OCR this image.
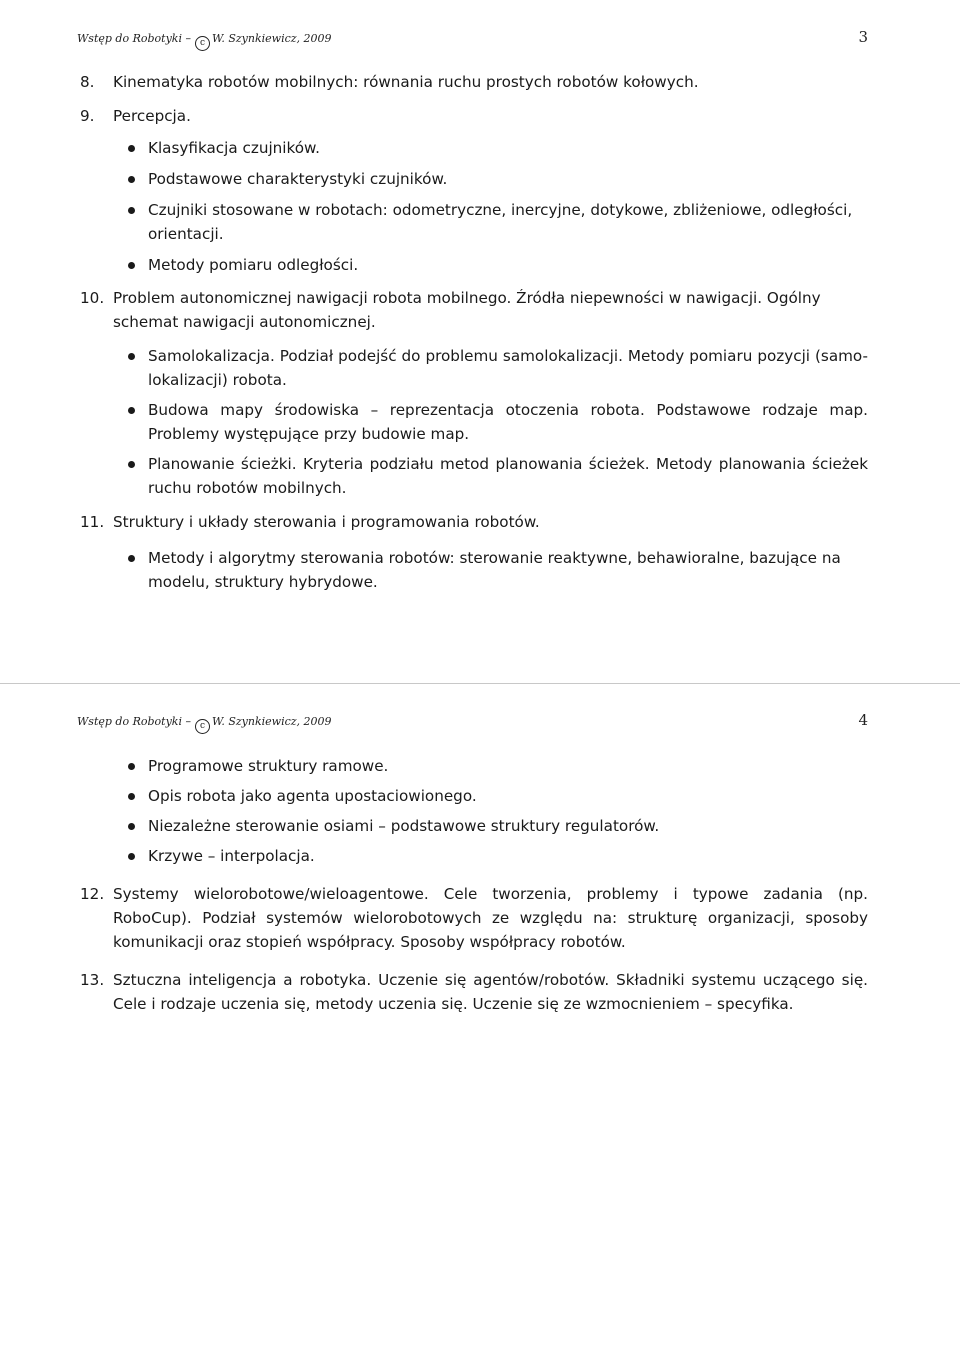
Wstęp do Robotyki – c W. Szynkiewicz, 2009	3
8. Kinematyka robotów mobilnych: równania ruchu prostych robotów kołowych.
9. Percepcja.
Klasyfikacja czujników.
Podstawowe charakterystyki czujników.
Czujniki stosowane w robotach: odometryczne, inercyjne, dotykowe, zbliżeniowe, odległości, orientacji.
Metody pomiaru odległości.
10. Problem autonomicznej nawigacji robota mobilnego. Źródła niepewności w nawigacji. Ogólny schemat nawigacji autonomicznej.
Samolokalizacja. Podział podejść do problemu samolokalizacji. Metody pomiaru pozycji (samo-lokalizacji) robota.
Budowa mapy środowiska – reprezentacja otoczenia robota. Podstawowe rodzaje map. Problemy występujące przy budowie map.
Planowanie ścieżki. Kryteria podziału metod planowania ścieżek. Metody planowania ścieżek ruchu robotów mobilnych.
11. Struktury i układy sterowania i programowania robotów.
Metody i algorytmy sterowania robotów: sterowanie reaktywne, behawioralne, bazujące na modelu, struktury hybrydowe.
Wstęp do Robotyki – c W. Szynkiewicz, 2009	4
Programowe struktury ramowe.
Opis robota jako agenta upostaciowionego.
Niezależne sterowanie osiami – podstawowe struktury regulatorów.
Krzywe – interpolacja.
12. Systemy wielorobotowe/wieloagentowe. Cele tworzenia, problemy i typowe zadania (np. RoboCup). Podział systemów wielorobotowych ze względu na: strukturę organizacji, sposoby komunikacji oraz stopień współpracy. Sposoby współpracy robotów.
13. Sztuczna inteligencja a robotyka. Uczenie się agentów/robotów. Składniki systemu uczącego się. Cele i rodzaje uczenia się, metody uczenia się. Uczenie się ze wzmocnieniem – specyfika.
